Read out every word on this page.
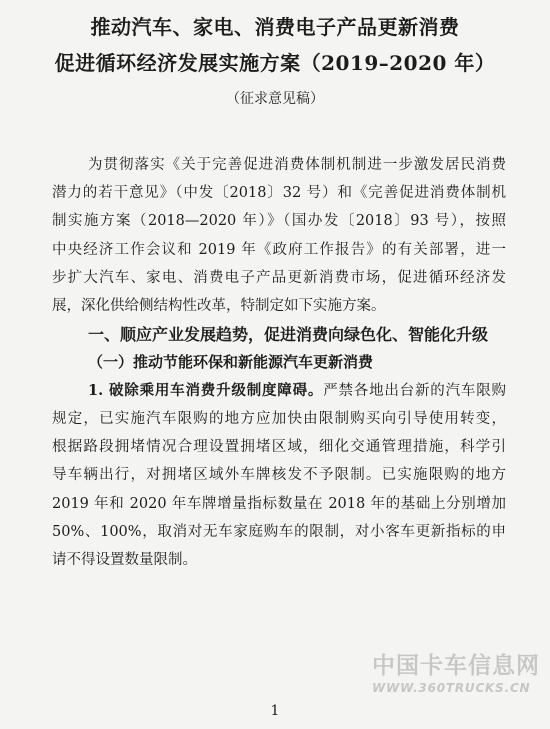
推动汽车、家电、消费电子产品更新消费
促进循环经济发展实施方案（2019–2020 年）
（征求意见稿）
为贯彻落实《关于完善促进消费体制机制进一步激发居民消费
潜力的若干意见》（中发〔2018〕32 号）和《完善促进消费体制机
制实施方案（2018—2020 年）》（国办发〔2018〕93 号），按照
中央经济工作会议和 2019 年《政府工作报告》的有关部署，进一
步扩大汽车、家电、消费电子产品更新消费市场，促进循环经济发
展，深化供给侧结构性改革，特制定如下实施方案。
一、顺应产业发展趋势，促进消费向绿色化、智能化升级
（一）推动节能环保和新能源汽车更新消费
1. 破除乘用车消费升级制度障碍。严禁各地出台新的汽车限购
规定，已实施汽车限购的地方应加快由限制购买向引导使用转变，
根据路段拥堵情况合理设置拥堵区域，细化交通管理措施，科学引
导车辆出行，对拥堵区域外车牌核发不予限制。已实施限购的地方
2019 年和 2020 年车牌增量指标数量在 2018 年的基础上分别增加
50%、100%，取消对无车家庭购车的限制，对小客车更新指标的申
请不得设置数量限制。
1
中国卡车信息网
WWW.360TRUCKS.CN
